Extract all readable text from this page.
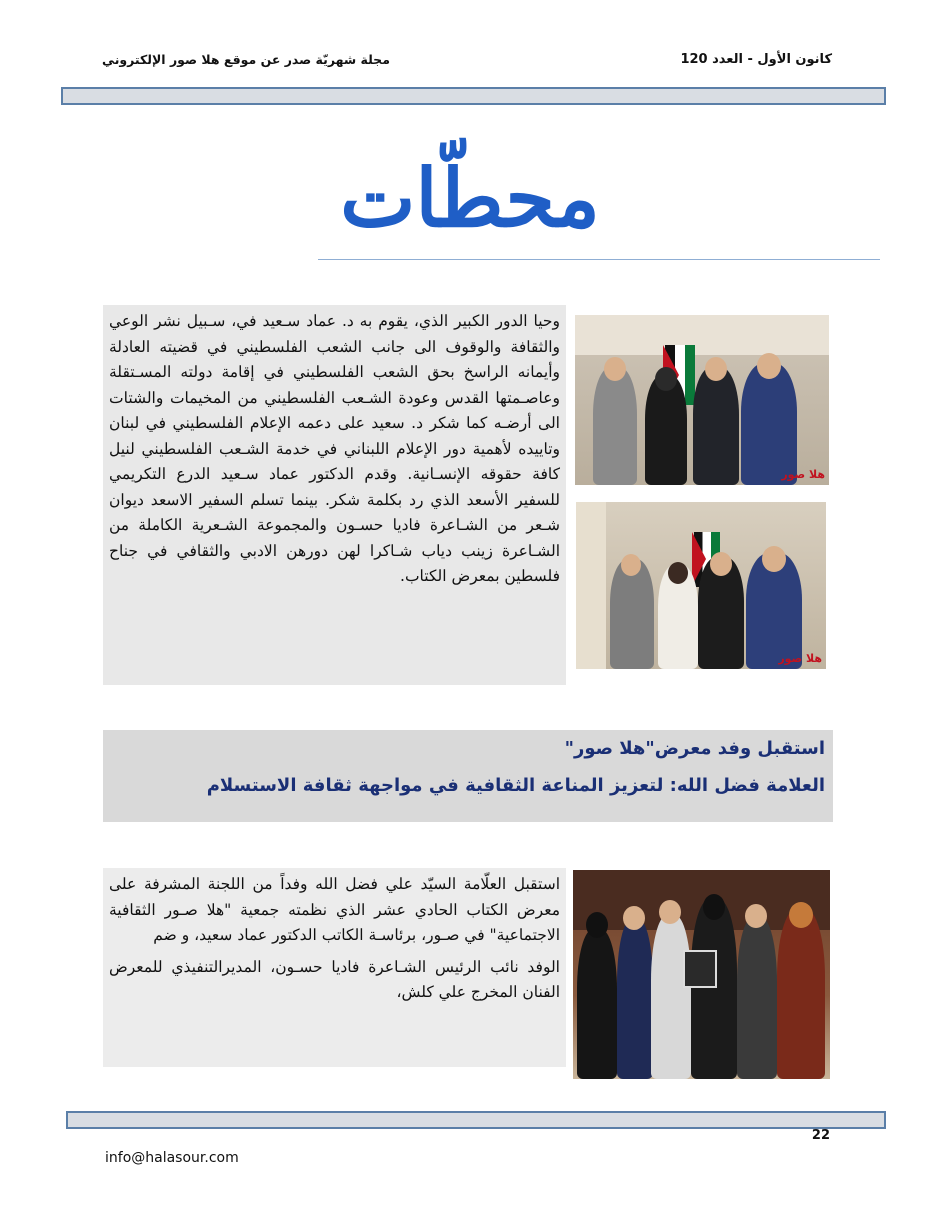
كانون الأول - العدد 120
مجلة شهريّة صدر عن موقع هلا صور الإلكتروني
محطّات
وحيا الدور الكبير الذي، يقوم به د. عماد سـعيد في، سـبيل نشر الوعي والثقافة والوقوف الى جانب الشعب الفلسطيني في قضيته العادلة وأيمانه الراسخ بحق الشعب الفلسطيني في إقامة دولته المسـتقلة وعاصـمتها القدس وعودة الشـعب الفلسطيني من المخيمات والشتات الى أرضـه كما شكر د. سعيد على دعمه الإعلام الفلسطيني في لبنان وتاييده لأهمية دور الإعلام اللبناني في خدمة الشـعب الفلسطيني لنيل كافة حقوقه الإنسـانية. وقدم الدكتور عماد سـعيد الدرع التكريمي للسفير الأسعد الذي رد بكلمة شكر. بينما تسلم السفير الاسعد ديوان شـعر من الشـاعرة فاديا حسـون والمجموعة الشـعرية الكاملة من الشـاعرة زينب دياب شـاكرا لهن دورهن الادبي والثقافي في جناح فلسطين بمعرض الكتاب.
هلا صور
هلا صور
استقبل وفد معرض"هلا صور"
العلامة فضل الله: لتعزيز المناعة الثقافية في مواجهة ثقافة الاستسلام
استقبل العلّامة السيّد علي فضل الله وفداً من اللجنة المشرفة على معرض الكتاب الحادي عشر الذي نظمته جمعية "هلا صـور الثقافية الاجتماعية" في صـور، برئاسـة الكاتب الدكتور عماد سعيد، و ضم
الوفد نائب الرئيس الشـاعرة فاديا حسـون، المديرالتنفيذي للمعرض الفنان المخرج علي كلش،
22
info@halasour.com
